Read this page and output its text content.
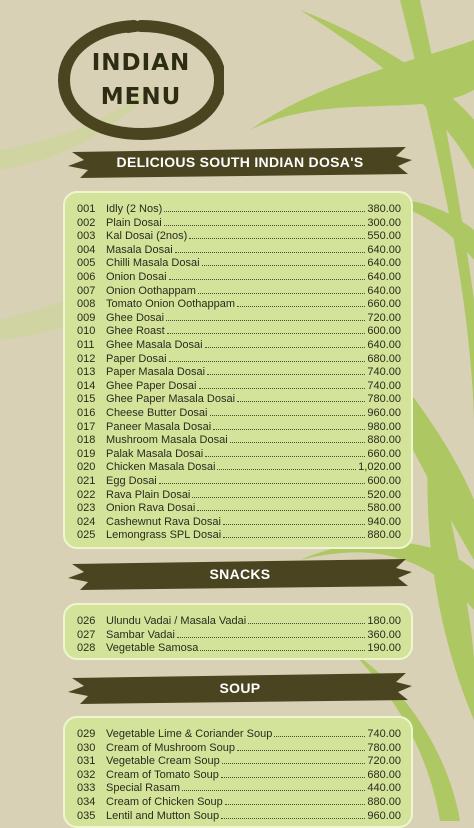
INDIAN
MENU
DELICIOUS SOUTH INDIAN DOSA'S
001 Idly (2 Nos)	380.00
002 Plain Dosai	300.00
003 Kal Dosai (2nos)	550.00
004 Masala Dosai	640.00
005 Chilli Masala Dosai	640.00
006 Onion Dosai	640.00
007 Onion Oothappam	640.00
008 Tomato Onion Oothappam	660.00
009 Ghee Dosai	720.00
010 Ghee Roast	600.00
011	Ghee Masala Dosai	640.00
012 Paper Dosai	680.00
013 Paper Masala Dosai	740.00
014 Ghee Paper Dosai	740.00
015 Ghee Paper Masala Dosai	780.00
016 Cheese Butter Dosai	960.00
017 Paneer Masala Dosai	980.00
018 Mushroom Masala Dosai	880.00
019 Palak Masala Dosai	660.00
020 Chicken Masala Dosai	1,020.00
021 Egg Dosai	600.00
022 Rava Plain Dosai	520.00
023 Onion Rava Dosai	580.00
024 Cashewnut Rava Dosai	940.00
025 Lemongrass SPL Dosai	880.00
SNACKS
026 Ulundu Vadai / Masala Vadai	180.00
027 Sambar Vadai	360.00
028 Vegetable Samosa	190.00
SOUP
029 Vegetable Lime & Coriander Soup	740.00
030 Cream of Mushroom Soup	780.00
031 Vegetable Cream Soup	720.00
032 Cream of Tomato Soup	680.00
033 Special Rasam	440.00
034 Cream of Chicken Soup	880.00
035 Lentil and Mutton Soup	960.00
